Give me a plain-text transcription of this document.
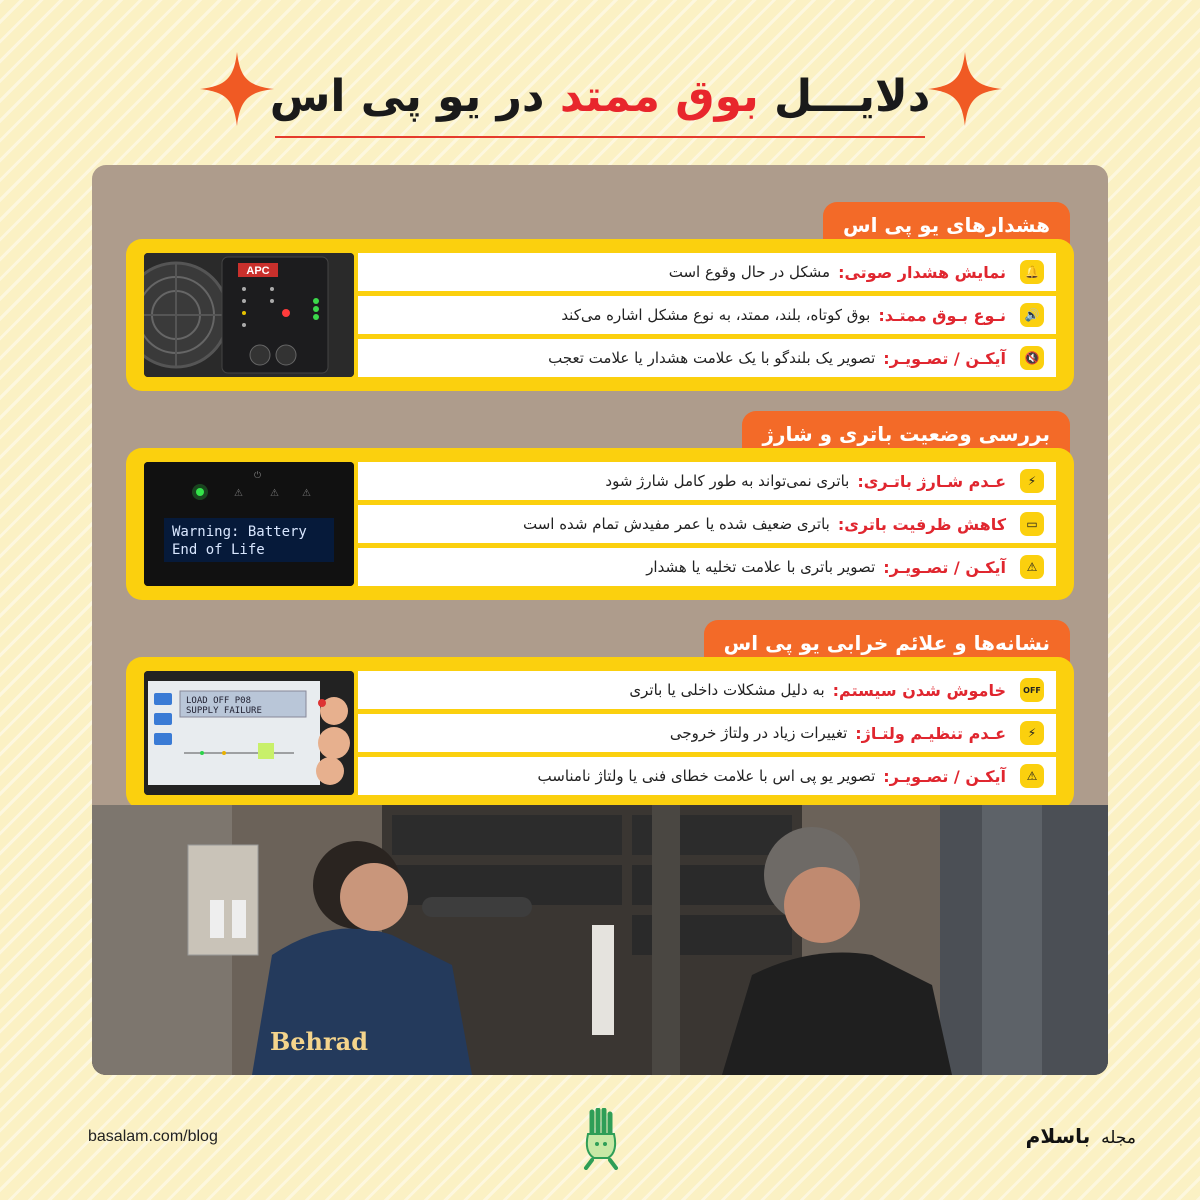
دلایـــل بوق ممتد در یو پی اس
هشدارهای یو پی اس
APC	🔔
نمایش هشدار صوتی:
مشکل در حال وقوع است
🔊
نـوع بـوق ممتـد:
بوق کوتاه، بلند، ممتد، به نوع مشکل اشاره می‌کند
🔇
آیکـن / تصـویـر:
تصویر یک بلندگو با یک علامت هشدار یا علامت تعجب
بررسی وضعیت باتری و شارژ
⚠	⚠ ⚠
⏻
Warning: Battery
End of Life
⚡
عـدم شـارژ باتـری:
باتری نمی‌تواند به طور کامل شارژ شود
▭
کاهش ظرفیت باتری:
باتری ضعیف شده یا عمر مفیدش تمام شده است
⚠
آیکـن / تصـویـر:
تصویر باتری با علامت تخلیه یا هشدار
نشانه‌ها و علائم خرابی یو پی اس
LOAD OFF P08
SUPPLY FAILURE
OFF
خاموش شدن سیستم:
به دلیل مشکلات داخلی یا باتری
⚡
عـدم تنظیـم ولتـاژ:
تغییرات زیاد در ولتاژ خروجی
⚠
آیکـن / تصـویـر:
تصویر یو پی اس با علامت خطای فنی یا ولتاژ نامناسب
Behrad
basalam.com/blog	مجله باسلام
